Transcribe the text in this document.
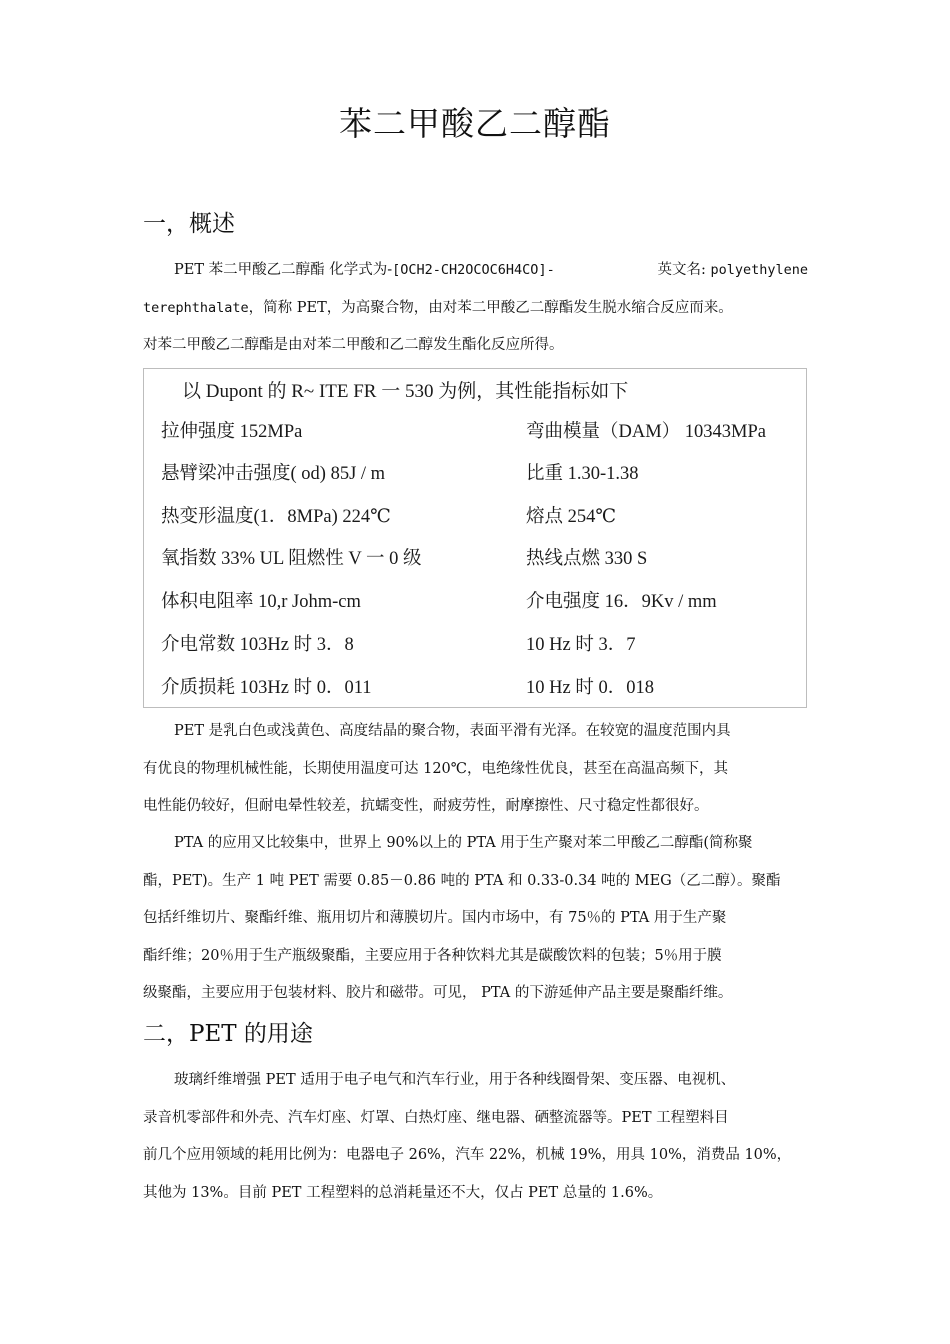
苯二甲酸乙二醇酯
一，概述
PET 苯二甲酸乙二醇酯 化学式为-[OCH2-CH2OCOC6H4CO]-	英文名: polyethylene
terephthalate，简称 PET，为高聚合物，由对苯二甲酸乙二醇酯发生脱水缩合反应而来。
对苯二甲酸乙二醇酯是由对苯二甲酸和乙二醇发生酯化反应所得。
以 Dupont 的 R~ ITE FR 一 530 为例，其性能指标如下
拉伸强度 152MPa	弯曲模量（DAM） 10343MPa
悬臂梁冲击强度( od) 85J / m	比重 1.30-1.38
热变形温度(1．8MPa) 224℃	熔点 254℃
氧指数 33% UL 阻燃性 V 一 0 级	热线点燃 330 S
体积电阻率 10,r Johm-cm	介电强度 16．9Kv / mm
介电常数 103Hz 时 3．8	10 Hz 时 3．7
介质损耗 103Hz 时 0．011	10 Hz 时 0．018
PET 是乳白色或浅黄色、高度结晶的聚合物，表面平滑有光泽。在较宽的温度范围内具
有优良的物理机械性能，长期使用温度可达 120℃，电绝缘性优良，甚至在高温高频下，其
电性能仍较好，但耐电晕性较差，抗蠕变性，耐疲劳性，耐摩擦性、尺寸稳定性都很好。
PTA 的应用又比较集中，世界上 90%以上的 PTA 用于生产聚对苯二甲酸乙二醇酯(简称聚
酯，PET)。生产 1 吨 PET 需要 0.85－0.86 吨的 PTA 和 0.33-0.34 吨的 MEG（乙二醇）。聚酯
包括纤维切片、聚酯纤维、瓶用切片和薄膜切片。国内市场中，有 75％的 PTA 用于生产聚
酯纤维；20％用于生产瓶级聚酯，主要应用于各种饮料尤其是碳酸饮料的包装；5％用于膜
级聚酯，主要应用于包装材料、胶片和磁带。可见， PTA 的下游延伸产品主要是聚酯纤维。
二，PET 的用途
玻璃纤维增强 PET 适用于电子电气和汽车行业，用于各种线圈骨架、变压器、电视机、
录音机零部件和外壳、汽车灯座、灯罩、白热灯座、继电器、硒整流器等。PET 工程塑料目
前几个应用领域的耗用比例为：电器电子 26%，汽车 22%，机械 19%，用具 10%，消费品 10%，
其他为 13%。目前 PET 工程塑料的总消耗量还不大，仅占 PET 总量的 1.6%。
